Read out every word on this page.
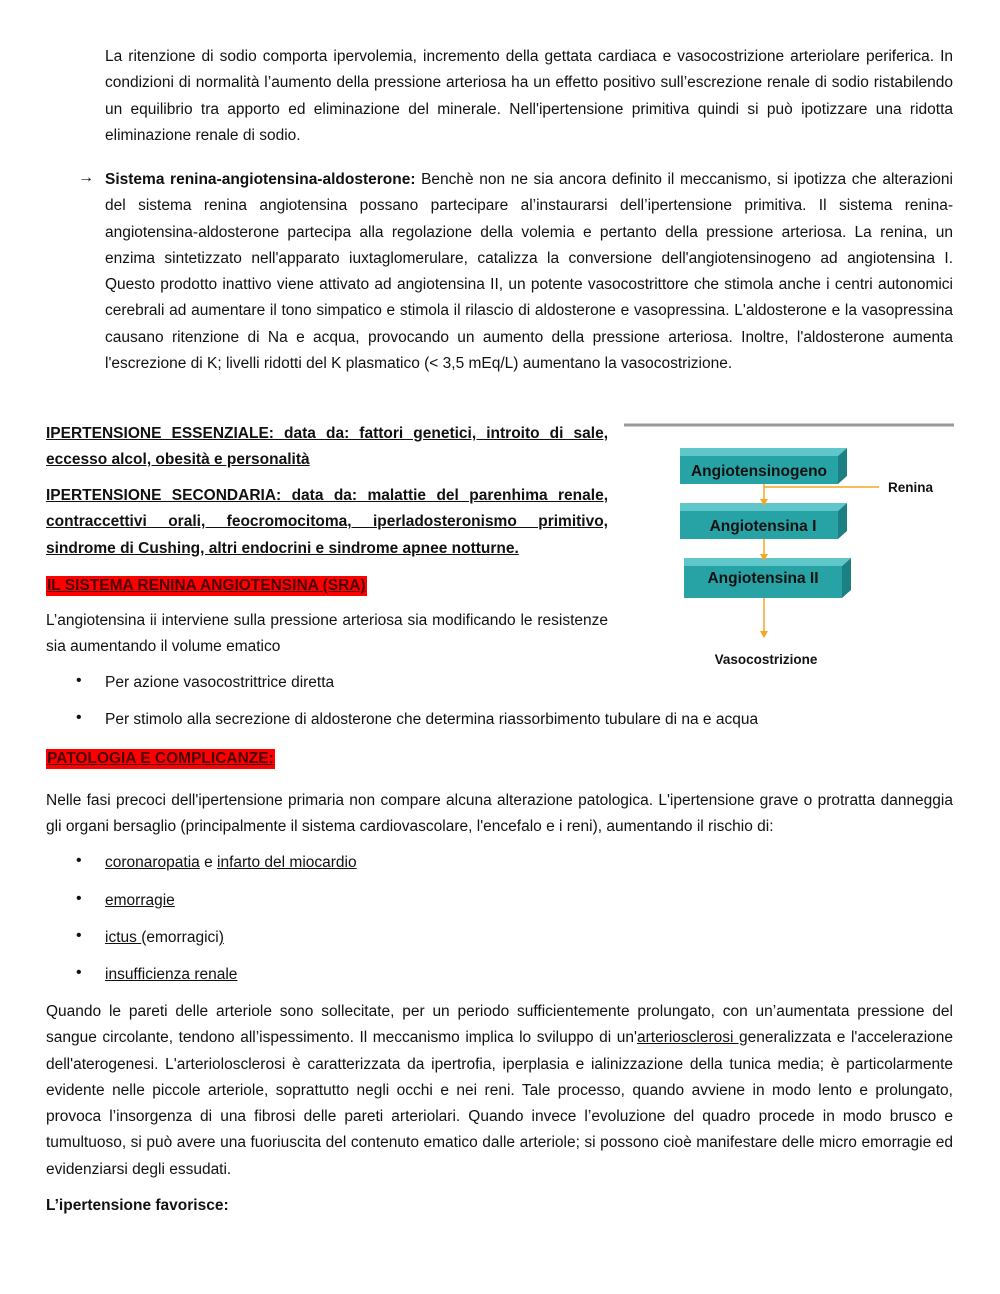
La ritenzione di sodio comporta ipervolemia, incremento della gettata cardiaca e vasocostrizione arteriolare periferica. In condizioni di normalità l’aumento della pressione arteriosa ha un effetto positivo sull’escrezione renale di sodio ristabilendo un equilibrio tra apporto ed eliminazione del minerale. Nell'ipertensione primitiva quindi si può ipotizzare una ridotta eliminazione renale di sodio.

→ Sistema renina-angiotensina-aldosterone: Benchè non ne sia ancora definito il meccanismo, si ipotizza che alterazioni del sistema renina angiotensina possano partecipare al’instaurarsi dell’ipertensione primitiva. Il sistema renina-angiotensina-aldosterone partecipa alla regolazione della volemia e pertanto della pressione arteriosa. La renina, un enzima sintetizzato nell'apparato iuxtaglomerulare, catalizza la conversione dell'angiotensinogeno ad angiotensina I. Questo prodotto inattivo viene attivato ad angiotensina II, un potente vasocostrittore che stimola anche i centri autonomici cerebrali ad aumentare il tono simpatico e stimola il rilascio di aldosterone e vasopressina. L'aldosterone e la vasopressina causano ritenzione di Na e acqua, provocando un aumento della pressione arteriosa. Inoltre, l'aldosterone aumenta l'escrezione di K; livelli ridotti del K plasmatico (< 3,5 mEq/L) aumentano la vasocostrizione.

IPERTENSIONE ESSENZIALE: data da: fattori genetici, introito di sale, eccesso alcol, obesità e personalità

IPERTENSIONE SECONDARIA: data da: malattie del parenhima renale, contraccettivi orali, feocromocitoma, iperladosteronismo primitivo, sindrome di Cushing, altri endocrini e sindrome apnee notturne.

IL SISTEMA RENINA ANGIOTENSINA (SRA)

L’angiotensina ii interviene sulla pressione arteriosa sia modificando le resistenze sia aumentando il volume ematico

• Per azione vasocostrittrice diretta
• Per stimolo alla secrezione di aldosterone che determina riassorbimento tubulare di na e acqua
Angiotensinogeno
Angiotensina I
Angiotensina II
Renina
Vasocostrizione
PATOLOGIA E COMPLICANZE:

Nelle fasi precoci dell'ipertensione primaria non compare alcuna alterazione patologica. L'ipertensione grave o protratta danneggia gli organi bersaglio (principalmente il sistema cardiovascolare, l'encefalo e i reni), aumentando il rischio di:

• coronaropatia e infarto del miocardio
• emorragie
• ictus (emorragici)
• insufficienza renale

Quando le pareti delle arteriole sono sollecitate, per un periodo sufficientemente prolungato, con un’aumentata pressione del sangue circolante, tendono all’ispessimento. Il meccanismo implica lo sviluppo di un'arteriosclerosi generalizzata e l'accelerazione dell'aterogenesi. L'arteriolosclerosi è caratterizzata da ipertrofia, iperplasia e ialinizzazione della tunica media; è particolarmente evidente nelle piccole arteriole, soprattutto negli occhi e nei reni. Tale processo, quando avviene in modo lento e prolungato, provoca l’insorgenza di una fibrosi delle pareti arteriolari. Quando invece l’evoluzione del quadro procede in modo brusco e tumultuoso, si può avere una fuoriuscita del contenuto ematico dalle arteriole; si possono cioè manifestare delle micro emorragie ed evidenziarsi degli essudati.

L’ipertensione favorisce:
